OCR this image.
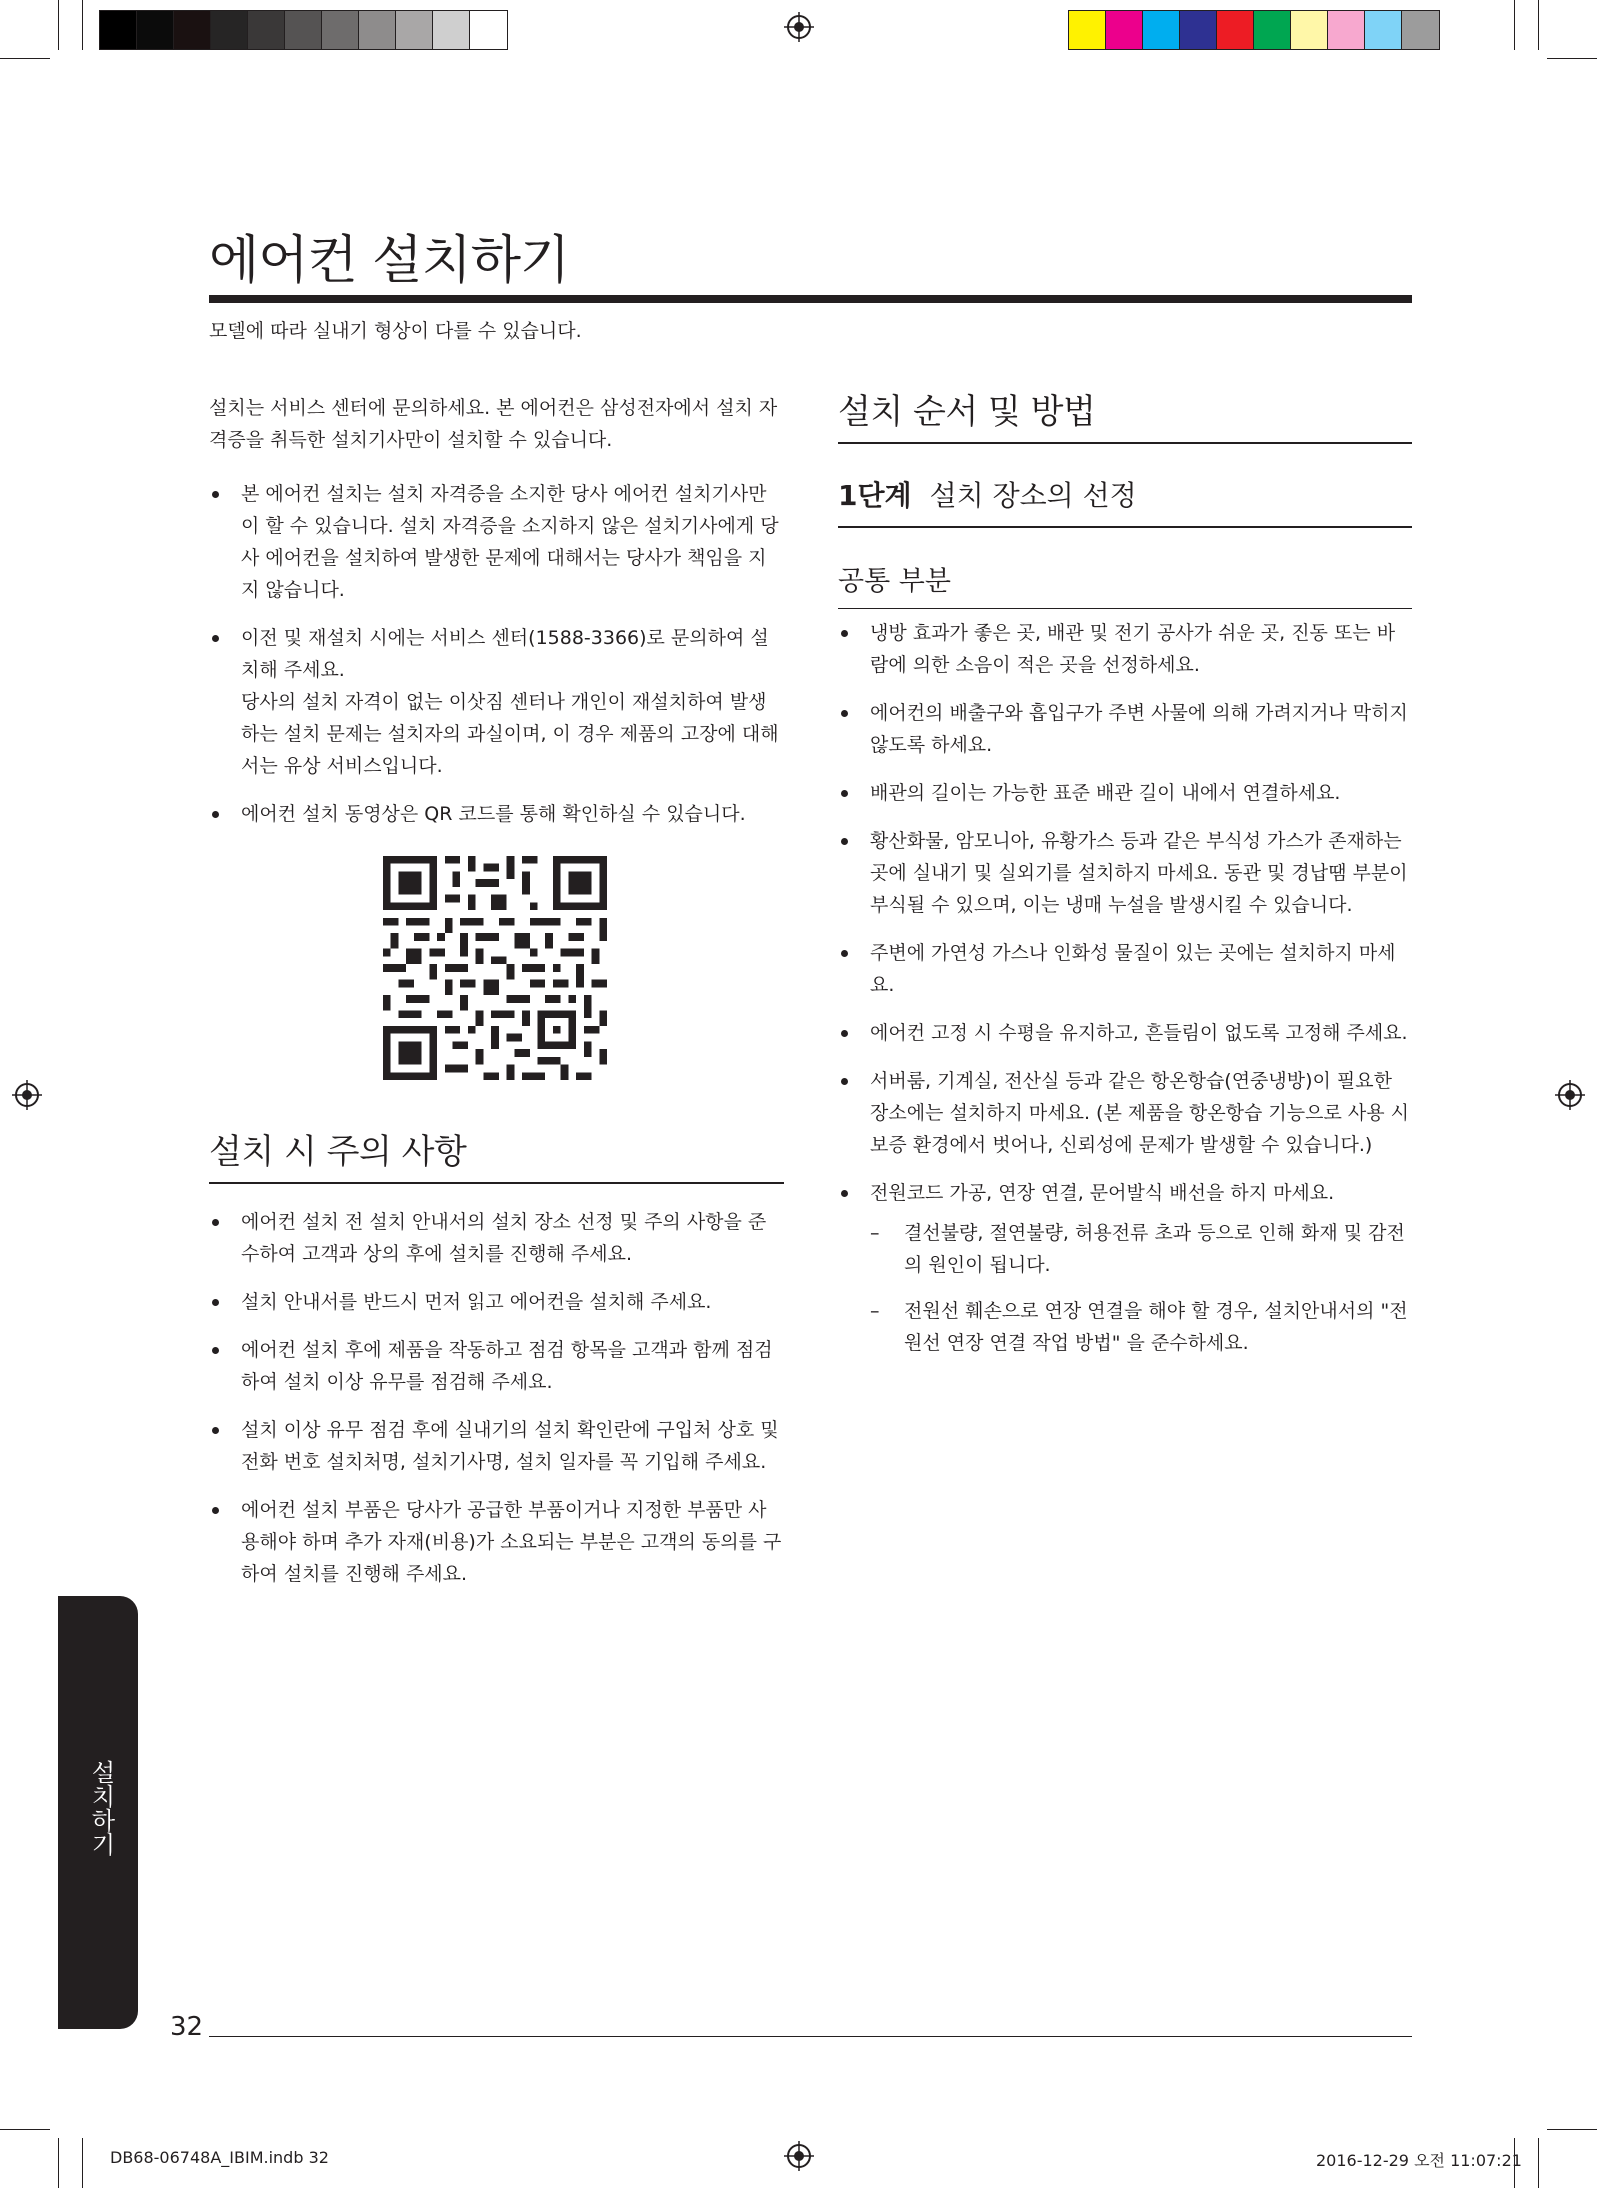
에어컨 설치하기
모델에 따라 실내기 형상이 다를 수 있습니다.

설치는 서비스 센터에 문의하세요. 본 에어컨은 삼성전자에서 설치 자격증을 취득한 설치기사만이 설치할 수 있습니다.

본 에어컨 설치는 설치 자격증을 소지한 당사 에어컨 설치기사만이 할 수 있습니다. 설치 자격증을 소지하지 않은 설치기사에게 당사 에어컨을 설치하여 발생한 문제에 대해서는 당사가 책임을 지지 않습니다.
이전 및 재설치 시에는 서비스 센터(1588-3366)로 문의하여 설치해 주세요.
당사의 설치 자격이 없는 이삿짐 센터나 개인이 재설치하여 발생하는 설치 문제는 설치자의 과실이며, 이 경우 제품의 고장에 대해서는 유상 서비스입니다.
에어컨 설치 동영상은 QR 코드를 통해 확인하실 수 있습니다.
설치 시 주의 사항
에어컨 설치 전 설치 안내서의 설치 장소 선정 및 주의 사항을 준수하여 고객과 상의 후에 설치를 진행해 주세요.
설치 안내서를 반드시 먼저 읽고 에어컨을 설치해 주세요.
에어컨 설치 후에 제품을 작동하고 점검 항목을 고객과 함께 점검하여 설치 이상 유무를 점검해 주세요.
설치 이상 유무 점검 후에 실내기의 설치 확인란에 구입처 상호 및 전화 번호 설치처명, 설치기사명, 설치 일자를 꼭 기입해 주세요.
에어컨 설치 부품은 당사가 공급한 부품이거나 지정한 부품만 사용해야 하며 추가 자재(비용)가 소요되는 부분은 고객의 동의를 구하여 설치를 진행해 주세요.
설치 순서 및 방법
1단계 설치 장소의 선정
공통 부분
냉방 효과가 좋은 곳, 배관 및 전기 공사가 쉬운 곳, 진동 또는 바람에 의한 소음이 적은 곳을 선정하세요.
에어컨의 배출구와 흡입구가 주변 사물에 의해 가려지거나 막히지 않도록 하세요.
배관의 길이는 가능한 표준 배관 길이 내에서 연결하세요.
황산화물, 암모니아, 유황가스 등과 같은 부식성 가스가 존재하는 곳에 실내기 및 실외기를 설치하지 마세요. 동관 및 경납땜 부분이 부식될 수 있으며, 이는 냉매 누설을 발생시킬 수 있습니다.
주변에 가연성 가스나 인화성 물질이 있는 곳에는 설치하지 마세요.
에어컨 고정 시 수평을 유지하고, 흔들림이 없도록 고정해 주세요.
서버룸, 기계실, 전산실 등과 같은 항온항습(연중냉방)이 필요한 장소에는 설치하지 마세요. (본 제품을 항온항습 기능으로 사용 시 보증 환경에서 벗어나, 신뢰성에 문제가 발생할 수 있습니다.)
전원코드 가공, 연장 연결, 문어발식 배선을 하지 마세요.
– 결선불량, 절연불량, 허용전류 초과 등으로 인해 화재 및 감전의 원인이 됩니다.
– 전원선 훼손으로 연장 연결을 해야 할 경우, 설치안내서의 "전원선 연장 연결 작업 방법" 을 준수하세요.
설치하기
32
DB68-06748A_IBIM.indb 32	2016-12-29 오전 11:07:21
